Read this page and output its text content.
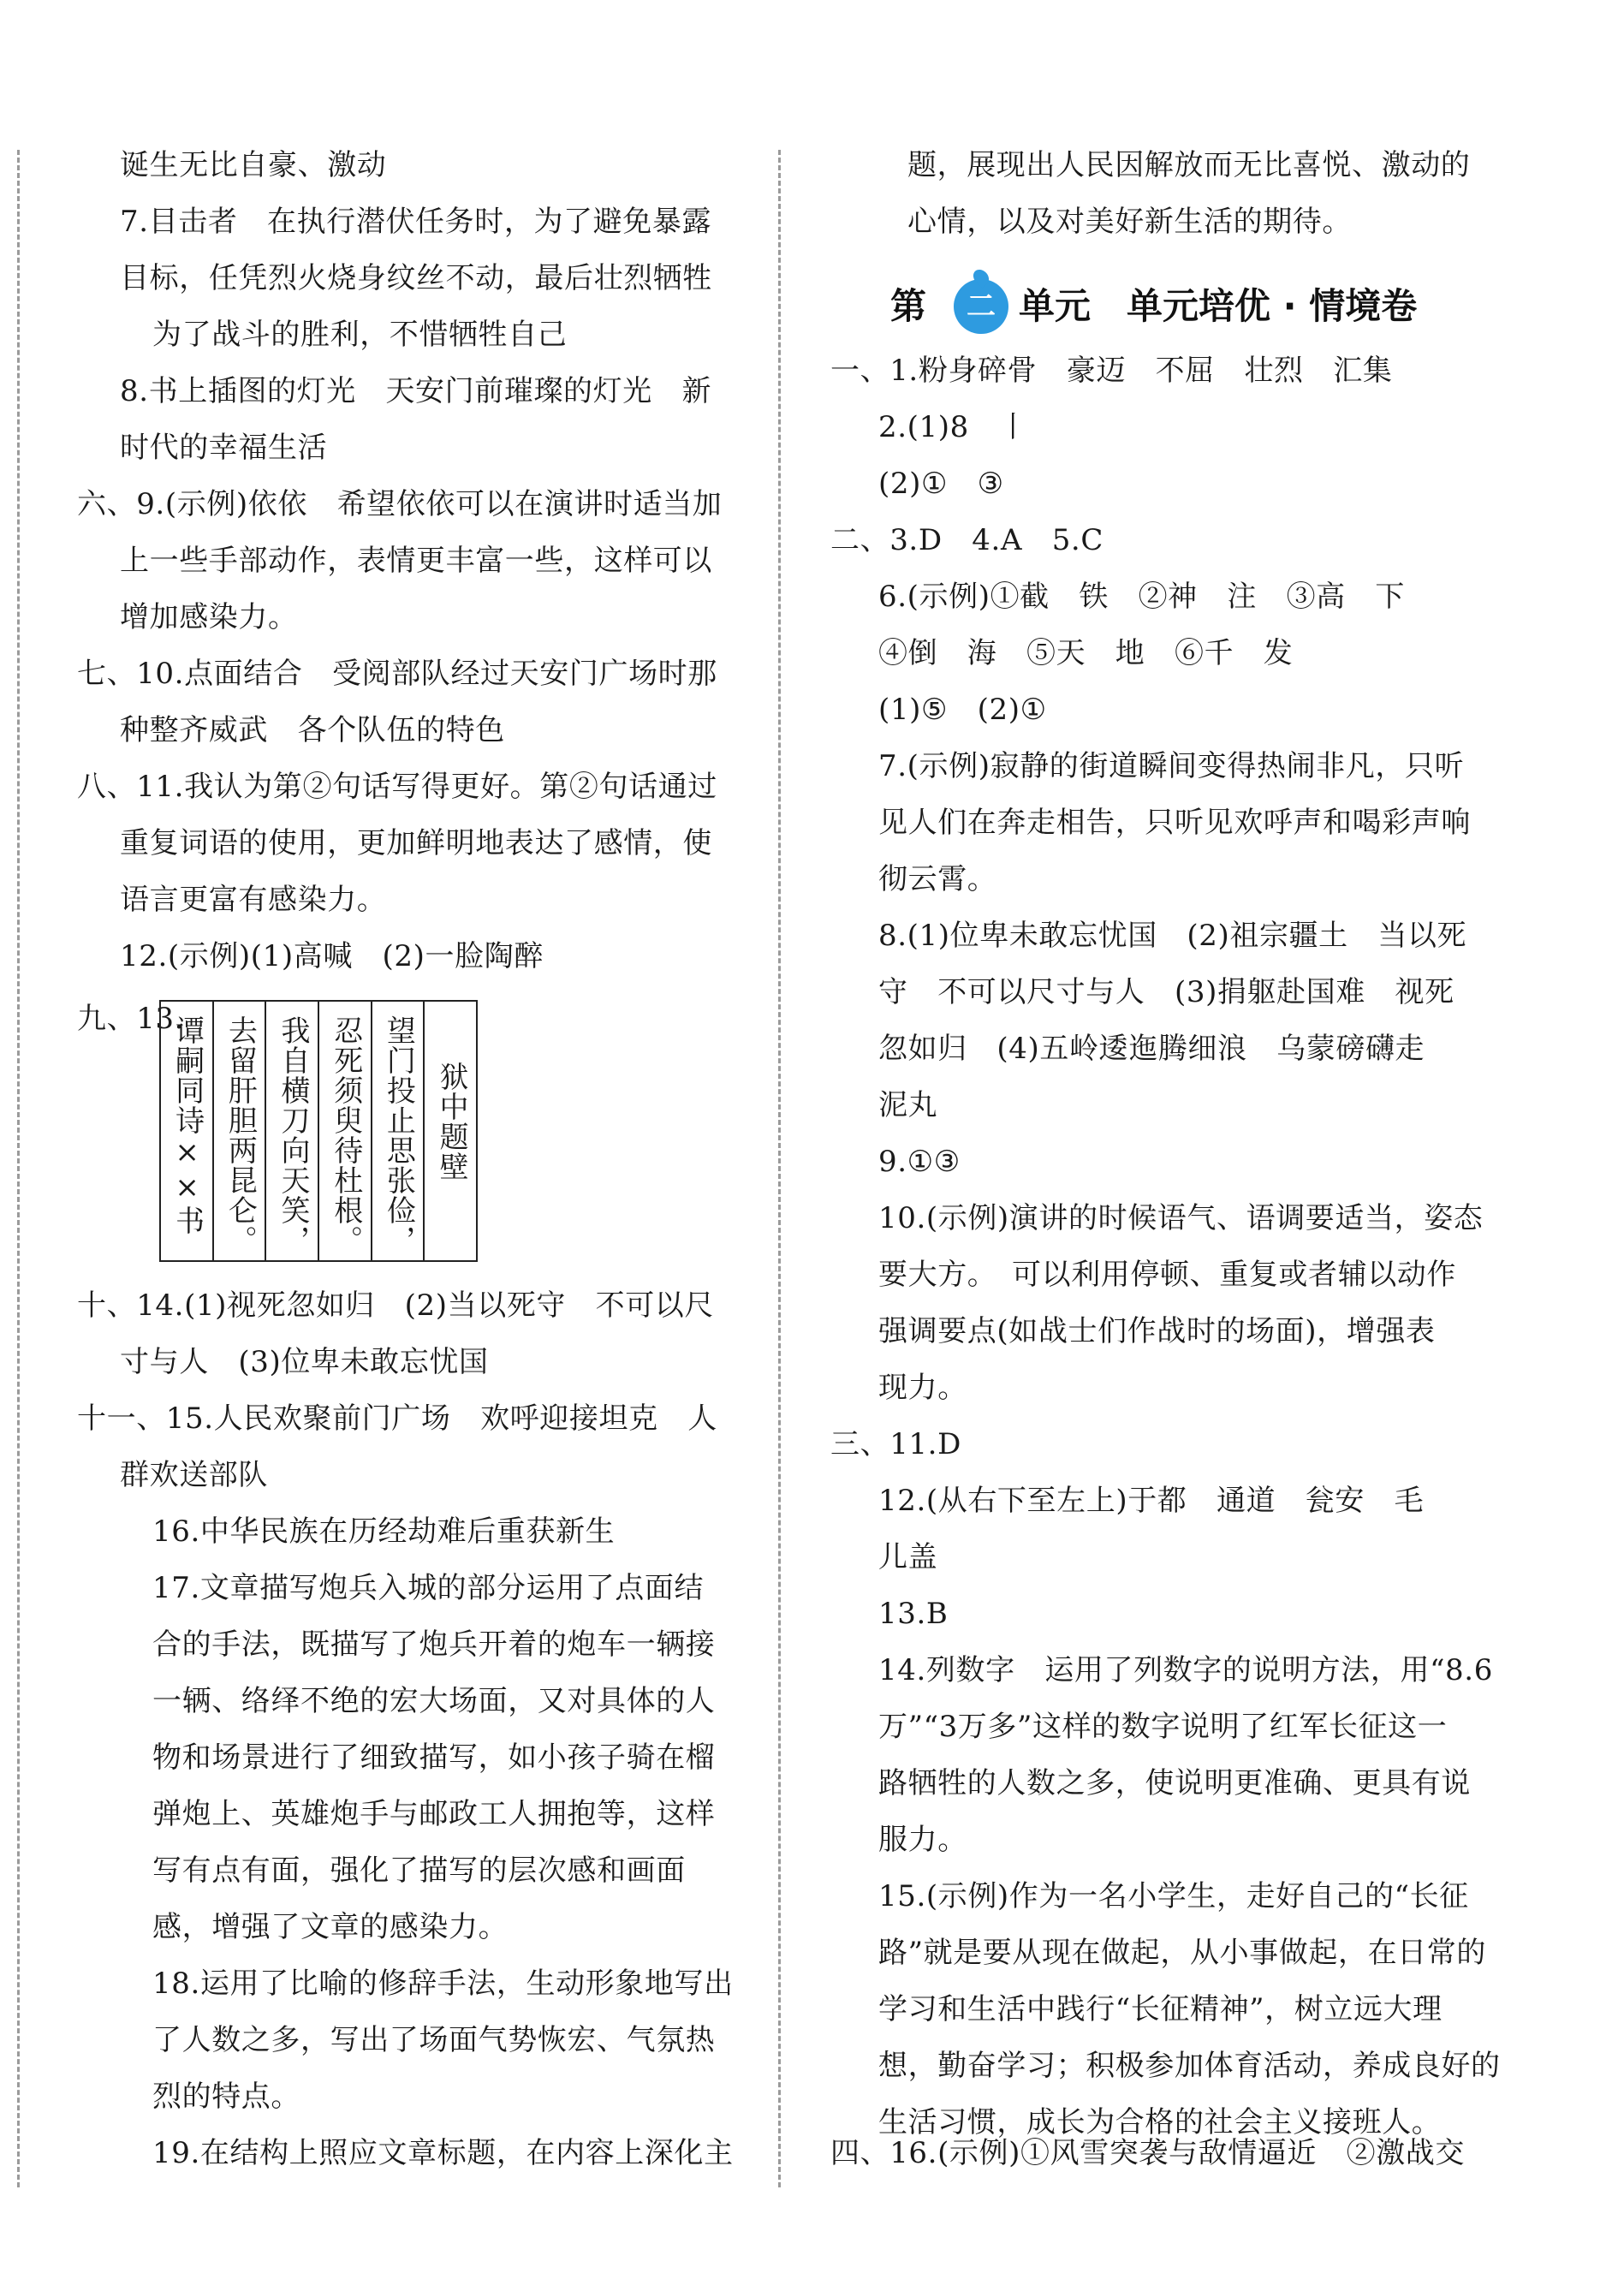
诞生无比自豪、激动
7.目击者　在执行潜伏任务时，为了避免暴露
目标，任凭烈火烧身纹丝不动，最后壮烈牺牲
为了战斗的胜利，不惜牺牲自己
8.书上插图的灯光　天安门前璀璨的灯光　新
时代的幸福生活
六、9.(示例)依依　希望依依可以在演讲时适当加
上一些手部动作，表情更丰富一些，这样可以
增加感染力。
七、10.点面结合　受阅部队经过天安门广场时那
种整齐威武　各个队伍的特色
八、11.我认为第②句话写得更好。第②句话通过
重复词语的使用，更加鲜明地表达了感情，使
语言更富有感染力。
12.(示例)(1)高喊　(2)一脸陶醉
九、13.
谭嗣同诗××书 去留肝胆两昆仑。 我自横刀向天笑， 忍死须臾待杜根。 望门投止思张俭， 狱中题壁
十、14.(1)视死忽如归　(2)当以死守　不可以尺
寸与人　(3)位卑未敢忘忧国
十一、15.人民欢聚前门广场　欢呼迎接坦克　人
群欢送部队
16.中华民族在历经劫难后重获新生
17.文章描写炮兵入城的部分运用了点面结
合的手法，既描写了炮兵开着的炮车一辆接
一辆、络绎不绝的宏大场面，又对具体的人
物和场景进行了细致描写，如小孩子骑在榴
弹炮上、英雄炮手与邮政工人拥抱等，这样
写有点有面，强化了描写的层次感和画面
感，增强了文章的感染力。
18.运用了比喻的修辞手法，生动形象地写出
了人数之多，写出了场面气势恢宏、气氛热
烈的特点。
19.在结构上照应文章标题，在内容上深化主
题，展现出人民因解放而无比喜悦、激动的
心情，以及对美好新生活的期待。
第	二 单元　单元培优 · 情境卷
一、1.粉身碎骨　豪迈　不屈　壮烈　汇集
2.(1)8　丨
(2)①　③
二、3.D　4.A　5.C
6.(示例)①截　铁　②神　注　③高　下
④倒　海　⑤天　地　⑥千　发
(1)⑤　(2)①
7.(示例)寂静的街道瞬间变得热闹非凡，只听
见人们在奔走相告，只听见欢呼声和喝彩声响
彻云霄。
8.(1)位卑未敢忘忧国　(2)祖宗疆土　当以死
守　不可以尺寸与人　(3)捐躯赴国难　视死
忽如归　(4)五岭逶迤腾细浪　乌蒙磅礴走
泥丸
9.①③
10.(示例)演讲的时候语气、语调要适当，姿态
要大方。　可以利用停顿、重复或者辅以动作
强调要点(如战士们作战时的场面)，增强表
现力。
三、11.D
12.(从右下至左上)于都　通道　瓮安　毛
儿盖
13.B
14.列数字　运用了列数字的说明方法，用“8.6
万”“3万多”这样的数字说明了红军长征这一
路牺牲的人数之多，使说明更准确、更具有说
服力。
15.(示例)作为一名小学生，走好自己的“长征
路”就是要从现在做起，从小事做起，在日常的
学习和生活中践行“长征精神”，树立远大理
想，勤奋学习；积极参加体育活动，养成良好的
生活习惯，成长为合格的社会主义接班人。
四、16.(示例)①风雪突袭与敌情逼近　②激战交
